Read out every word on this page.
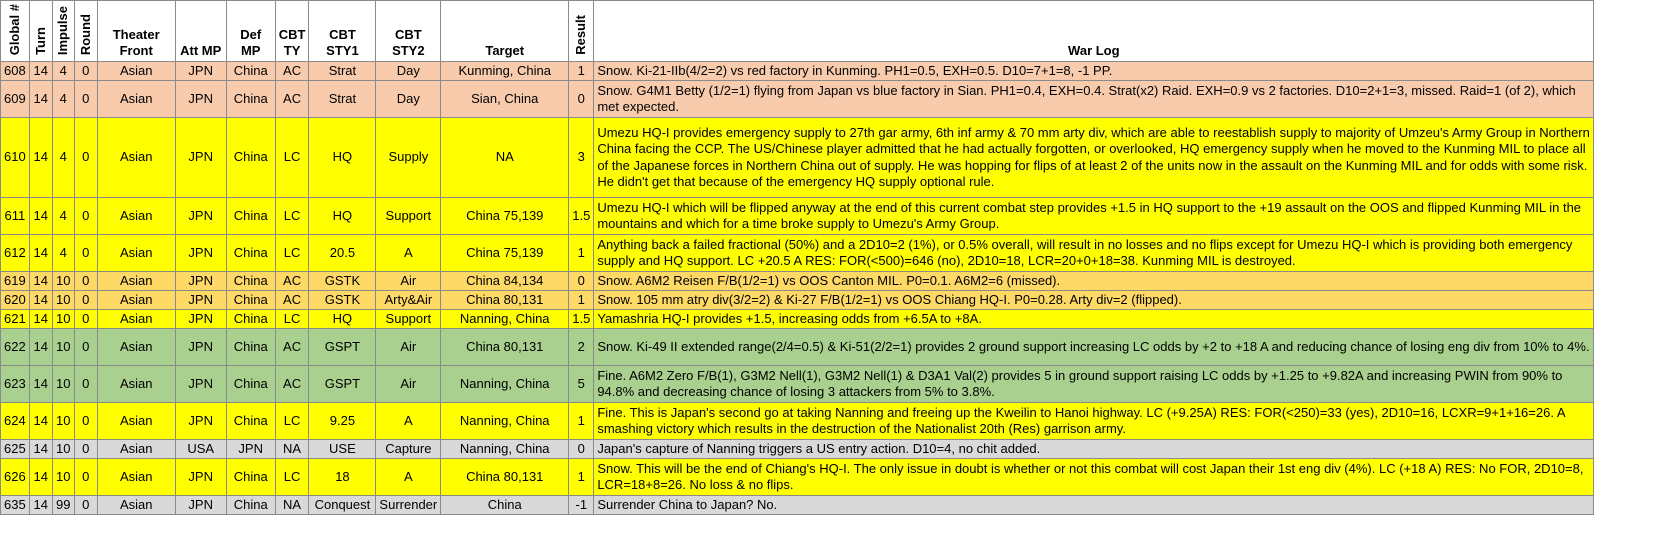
Global #	Turn	Impulse	Round	Theater Front	Att MP	Def MP	CBT TY	CBT STY1	CBT STY2	Target	Result	War Log
608	14	4	0	Asian	JPN	China	AC	Strat	Day	Kunming, China	1	Snow. Ki-21-IIb(4/2=2) vs red factory in Kunming. PH1=0.5, EXH=0.5. D10=7+1=8, -1 PP.
609	14	4	0	Asian	JPN	China	AC	Strat	Day	Sian, China	0	Snow. G4M1 Betty (1/2=1) flying from Japan vs blue factory in Sian. PH1=0.4, EXH=0.4. Strat(x2) Raid. EXH=0.9 vs 2 factories. D10=2+1=3, missed. Raid=1 (of 2), which met expected.
610	14	4	0	Asian	JPN	China	LC	HQ	Supply	NA	3	Umezu HQ-I provides emergency supply to 27th gar army, 6th inf army & 70 mm arty div, which are able to reestablish supply to majority of Umzeu's Army Group in Northern China facing the CCP. The US/Chinese player admitted that he had actually forgotten, or overlooked, HQ emergency supply when he moved to the Kunming MIL to place all of the Japanese forces in Northern China out of supply. He was hopping for flips of at least 2 of the units now in the assault on the Kunming MIL and for odds with some risk. He didn't get that because of the emergency HQ supply optional rule.
611	14	4	0	Asian	JPN	China	LC	HQ	Support	China 75,139	1.5	Umezu HQ-I which will be flipped anyway at the end of this current combat step provides +1.5 in HQ support to the +19 assault on the OOS and flipped Kunming MIL in the mountains and which for a time broke supply to Umezu's Army Group.
612	14	4	0	Asian	JPN	China	LC	20.5	A	China 75,139	1	Anything back a failed fractional (50%) and a 2D10=2 (1%), or 0.5% overall, will result in no losses and no flips except for Umezu HQ-I which is providing both emergency supply and HQ support. LC +20.5 A RES: FOR(<500)=646 (no), 2D10=18, LCR=20+0+18=38. Kunming MIL is destroyed.
619	14	10	0	Asian	JPN	China	AC	GSTK	Air	China 84,134	0	Snow. A6M2 Reisen F/B(1/2=1) vs OOS Canton MIL. P0=0.1. A6M2=6 (missed).
620	14	10	0	Asian	JPN	China	AC	GSTK	Arty&Air	China 80,131	1	Snow. 105 mm atry div(3/2=2) & Ki-27 F/B(1/2=1) vs OOS Chiang HQ-I. P0=0.28. Arty div=2 (flipped).
621	14	10	0	Asian	JPN	China	LC	HQ	Support	Nanning, China	1.5	Yamashria HQ-I provides +1.5, increasing odds from +6.5A to +8A.
622	14	10	0	Asian	JPN	China	AC	GSPT	Air	China 80,131	2	Snow. Ki-49 II extended range(2/4=0.5) & Ki-51(2/2=1) provides 2 ground support increasing LC odds by +2 to +18 A and reducing chance of losing eng div from 10% to 4%.
623	14	10	0	Asian	JPN	China	AC	GSPT	Air	Nanning, China	5	Fine. A6M2 Zero F/B(1), G3M2 Nell(1), G3M2 Nell(1) & D3A1 Val(2) provides 5 in ground support raising LC odds by +1.25 to +9.82A and increasing PWIN from 90% to 94.8% and decreasing chance of losing 3 attackers from 5% to 3.8%.
624	14	10	0	Asian	JPN	China	LC	9.25	A	Nanning, China	1	Fine. This is Japan's second go at taking Nanning and freeing up the Kweilin to Hanoi highway. LC (+9.25A) RES: FOR(<250)=33 (yes), 2D10=16, LCXR=9+1+16=26. A smashing victory which results in the destruction of the Nationalist 20th (Res) garrison army.
625	14	10	0	Asian	USA	JPN	NA	USE	Capture	Nanning, China	0	Japan's capture of Nanning triggers a US entry action. D10=4, no chit added.
626	14	10	0	Asian	JPN	China	LC	18	A	China 80,131	1	Snow. This will be the end of Chiang's HQ-I. The only issue in doubt is whether or not this combat will cost Japan their 1st eng div (4%). LC (+18 A) RES: No FOR, 2D10=8, LCR=18+8=26. No loss & no flips.
635	14	99	0	Asian	JPN	China	NA	Conquest	Surrender	China	-1	Surrender China to Japan? No.
